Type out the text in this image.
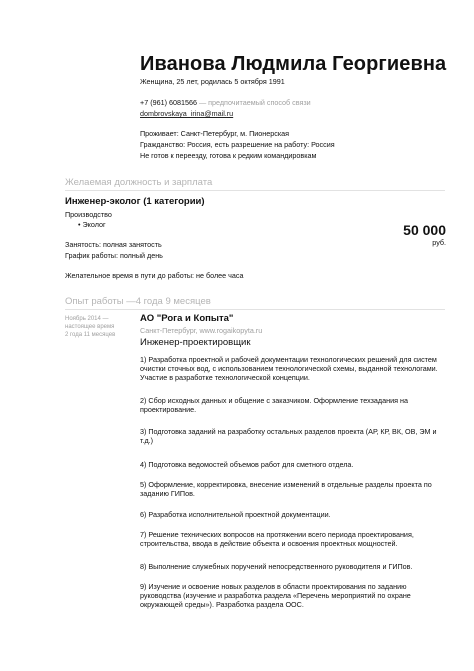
Иванова Людмила Георгиевна
Женщина, 25 лет, родилась 5 октября 1991
+7 (961) 6081566 — предпочитаемый способ связи
dombrovskaya_irina@mail.ru
Проживает: Санкт-Петербург, м. Пионерская
Гражданство: Россия, есть разрешение на работу: Россия
Не готов к переезду, готова к редким командировкам
Желаемая должность и зарплата
Инженер-эколог (1 категории)
Производство
• Эколог	50 000
руб.
Занятость: полная занятость
График работы: полный день
Желательное время в пути до работы: не более часа
Опыт работы —4 года 9 месяцев
Ноябрь 2014 —
настоящее время
2 года 11 месяцев
АО "Рога и Копыта"
Санкт-Петербург, www.rogaikopyta.ru
Инженер-проектировщик
1) Разработка проектной и рабочей документации технологических решений для систем очистки сточных вод, с использованием технологической схемы, выданной технологами. Участие в разработке технологической концепции.
2) Сбор исходных данных и общение с заказчиком. Оформление техзадания на проектирование.
3) Подготовка заданий на разработку остальных разделов проекта (АР, КР, ВК, ОВ, ЭМ и т.д.)
4) Подготовка ведомостей объемов работ для сметного отдела.
5) Оформление, корректировка, внесение изменений в отдельные разделы проекта по заданию ГИПов.
6) Разработка исполнительной проектной документации.
7) Решение технических вопросов на протяжении всего периода проектирования, строительства, ввода в действие объекта и освоения проектных мощностей.
8) Выполнение служебных поручений непосредственного руководителя и ГИПов.
9) Изучение и освоение новых разделов в области проектирования по заданию руководства (изучение и разработка раздела «Перечень мероприятий по охране окружающей среды»). Разработка раздела ООС.
